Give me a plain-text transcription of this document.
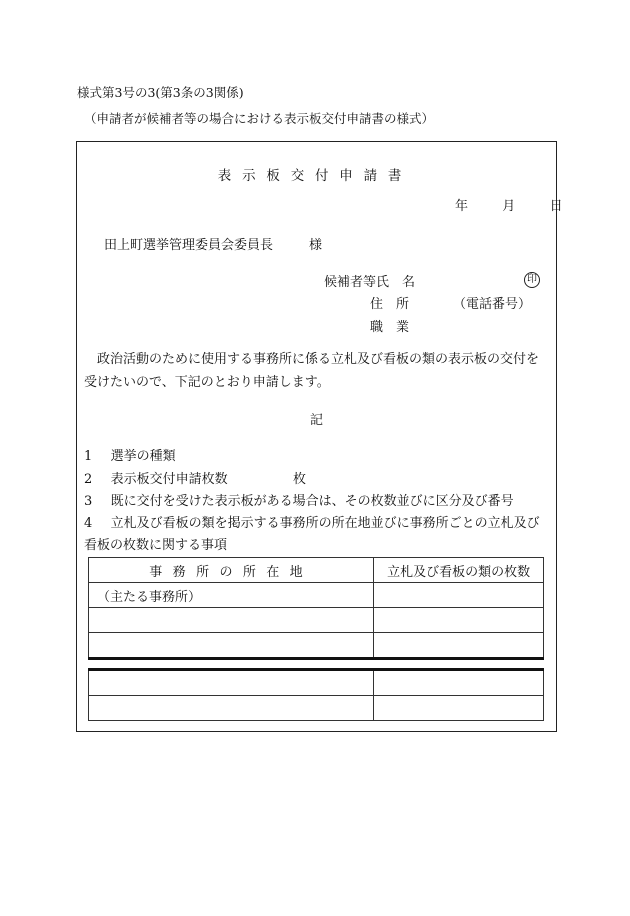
様式第3号の3(第3条の3関係)
（申請者が候補者等の場合における表示板交付申請書の様式）
表示板交付申請書
年	月	日
田上町選挙管理委員会委員長	様
候補者等氏　名	印
住　所	（電話番号）
職　業
政治活動のために使用する事務所に係る立札及び看板の類の表示板の交付を受けたいので、下記のとおり申請します。
記
1 選挙の種類
2 表示板交付申請枚数	枚
3 既に交付を受けた表示板がある場合は、その枚数並びに区分及び番号
4 立札及び看板の類を掲示する事務所の所在地並びに事務所ごとの立札及び看板の枚数に関する事項
事務所の所在地	立札及び看板の類の枚数
（主たる事務所）	
